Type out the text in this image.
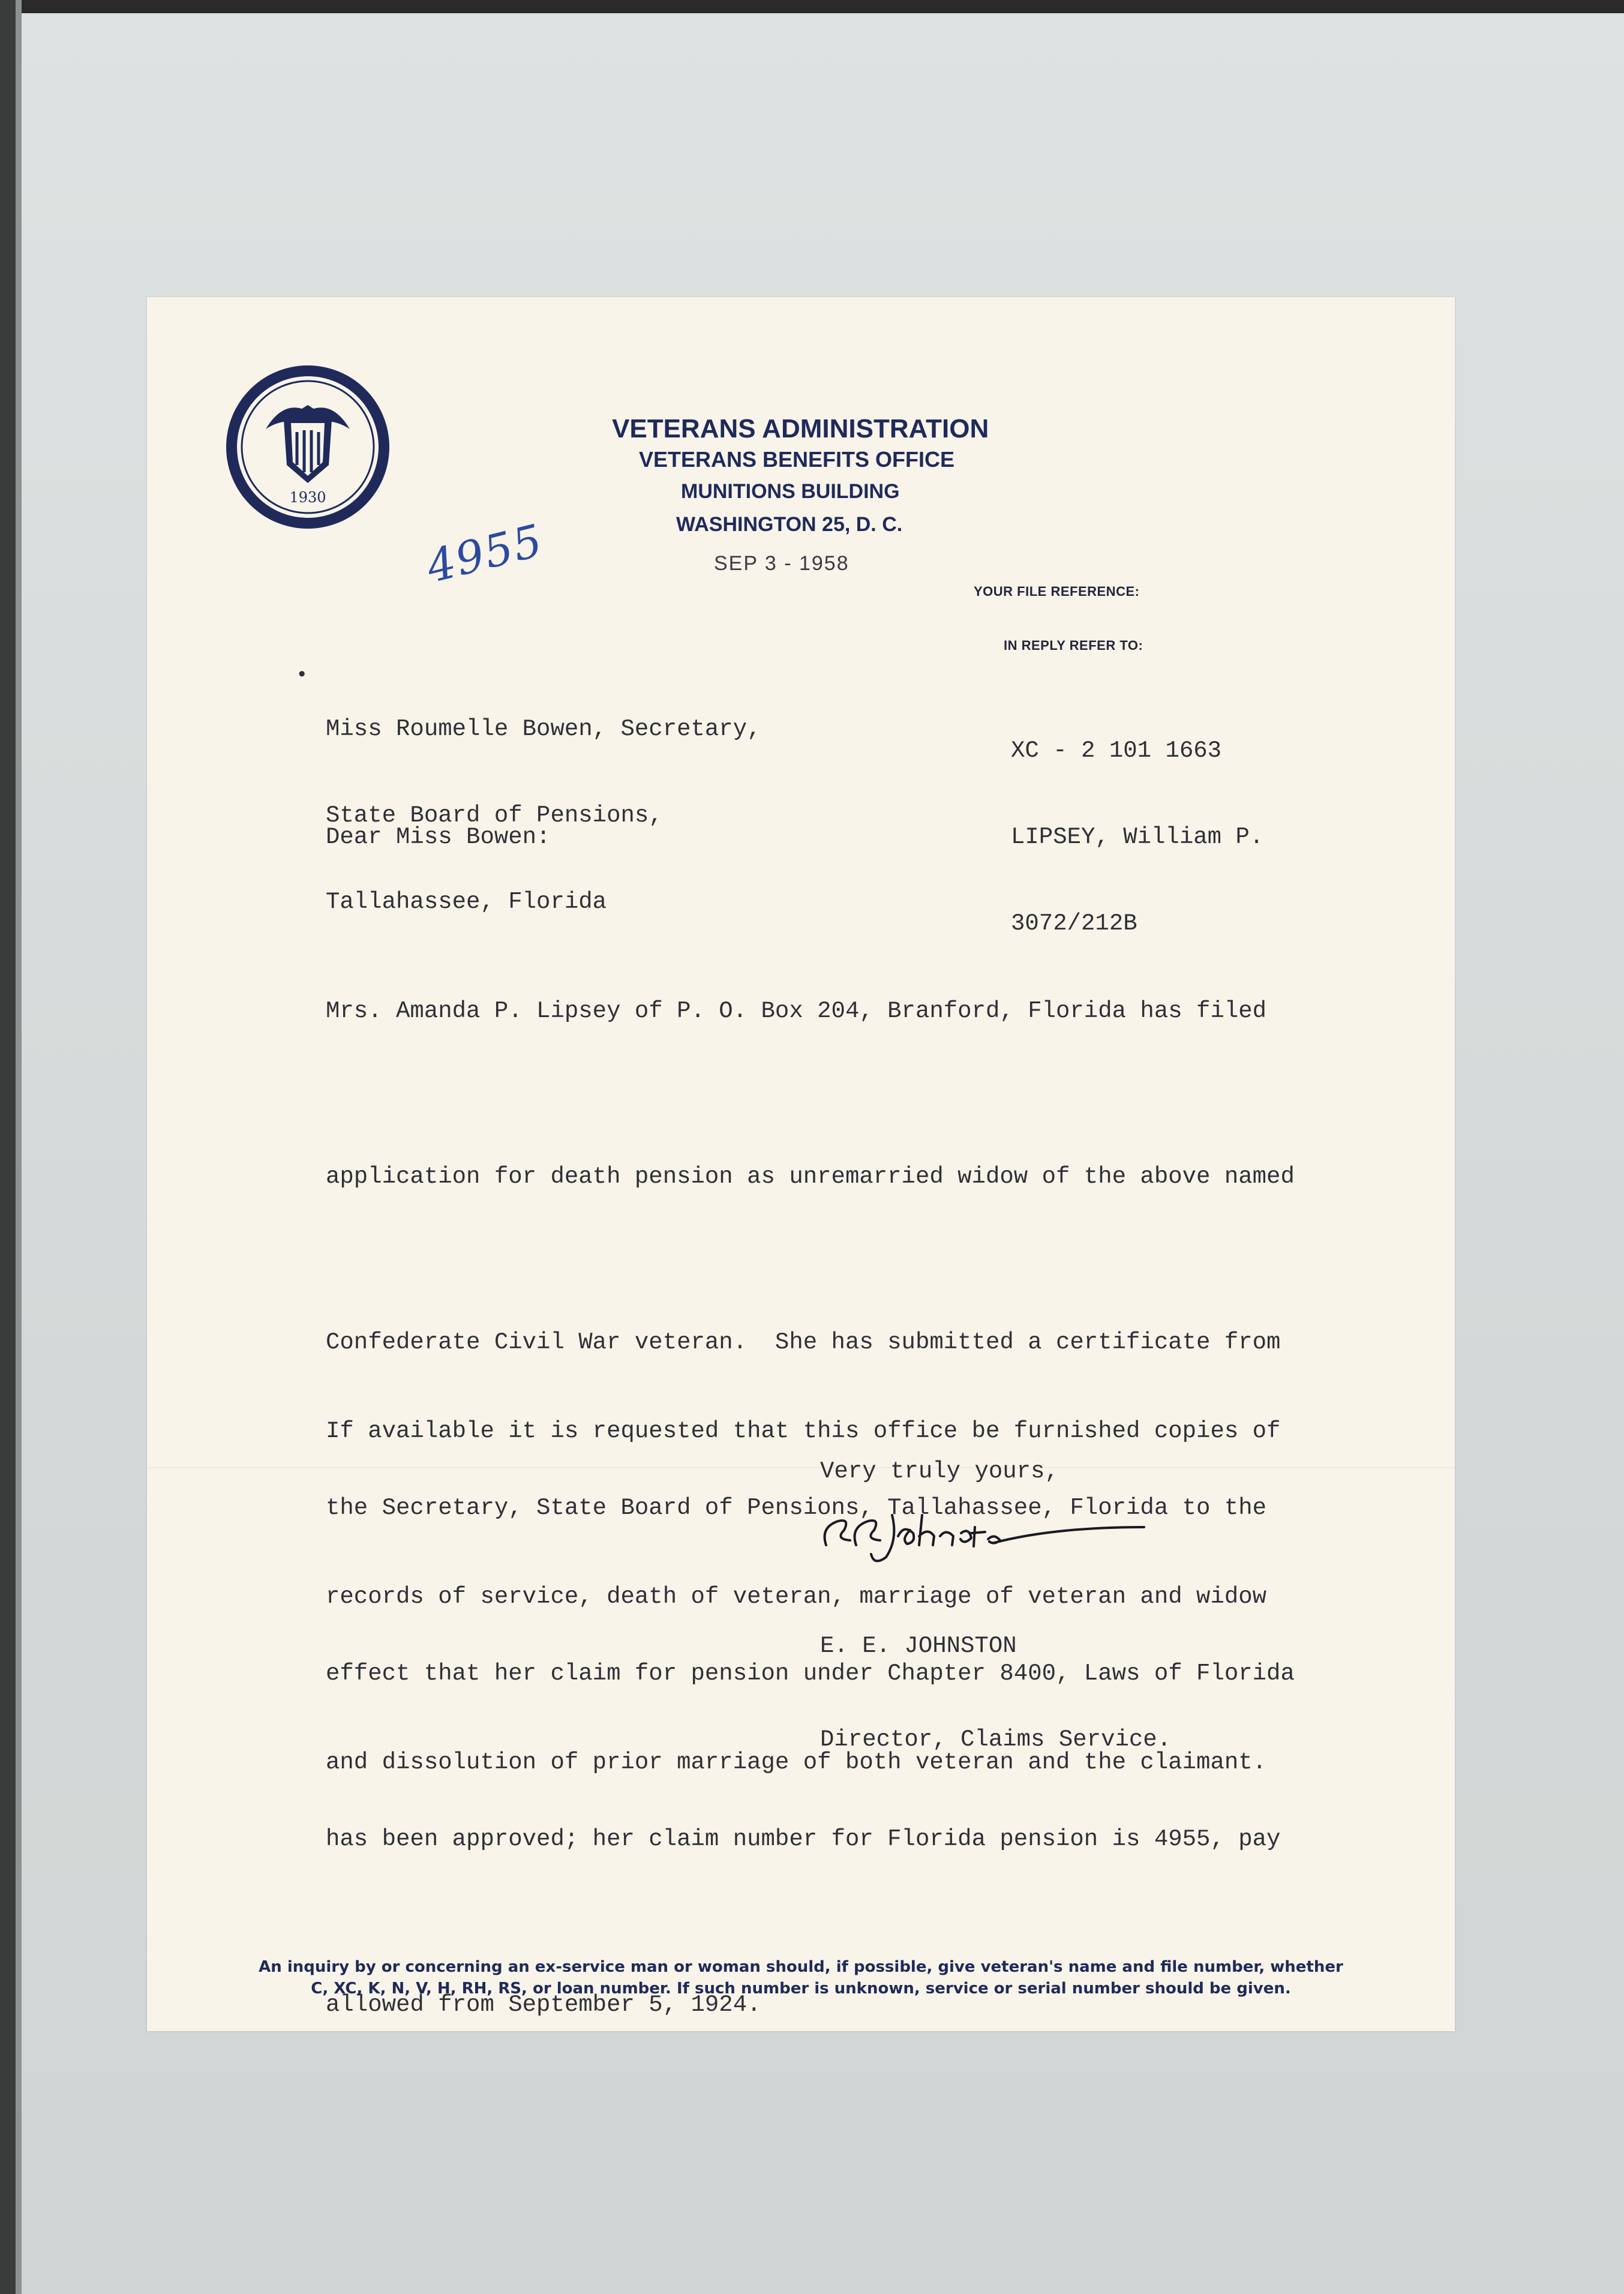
1930
VETERANS ADMINISTRATION
VETERANS BENEFITS OFFICE
MUNITIONS BUILDING
WASHINGTON 25, D. C.
4955	SEP 3 - 1958
YOUR FILE REFERENCE:
IN REPLY REFER TO:
•

Miss Roumelle Bowen, Secretary,

State Board of Pensions,

Tallahassee, Florida

XC - 2 101 1663

LIPSEY, William P.

3072/212B

Dear Miss Bowen:

Mrs. Amanda P. Lipsey of P. O. Box 204, Branford, Florida has filed

application for death pension as unremarried widow of the above named

Confederate Civil War veteran.  She has submitted a certificate from

the Secretary, State Board of Pensions, Tallahassee, Florida to the

effect that her claim for pension under Chapter 8400, Laws of Florida

has been approved; her claim number for Florida pension is 4955, pay

allowed from September 5, 1924.

If available it is requested that this office be furnished copies of

records of service, death of veteran, marriage of veteran and widow

and dissolution of prior marriage of both veteran and the claimant.

Very truly yours,

E. E. JOHNSTON

Director, Claims Service.

An inquiry by or concerning an ex-service man or woman should, if possible, give veteran's name and file number, whether
C, XC, K, N, V, H, RH, RS, or loan number. If such number is unknown, service or serial number should be given.
